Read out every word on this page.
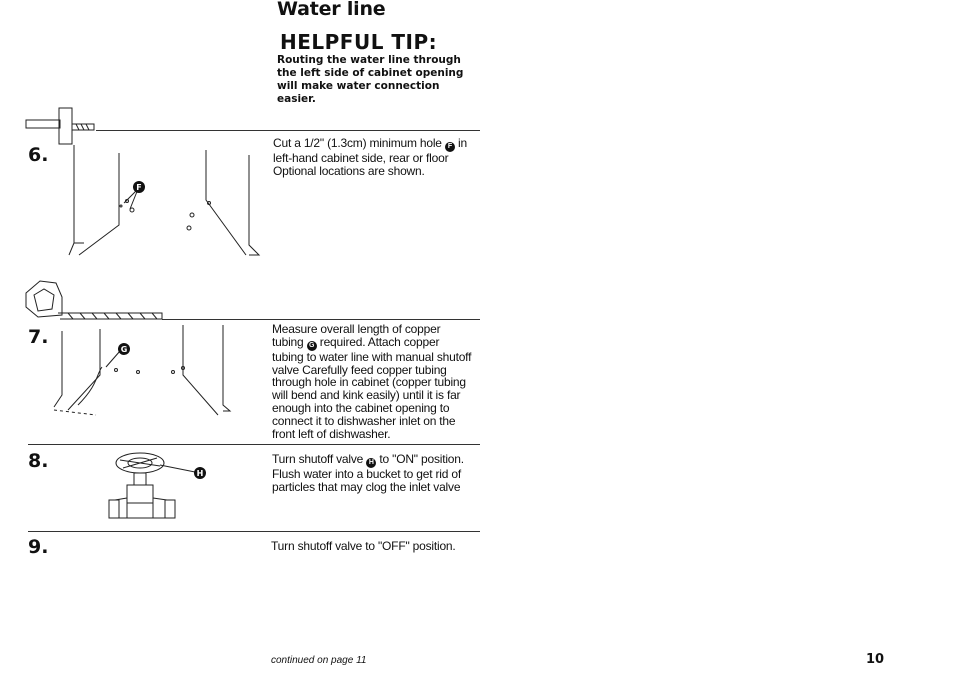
Water line
HELPFUL TIP:
Routing the water line through the left side of cabinet opening will make water connection easier.
6.
F
Cut a 1/2" (1.3cm) minimum hole F in left-hand cabinet side, rear or floor Optional locations are shown.
7.
G
Measure overall length of copper tubing G required. Attach copper tubing to water line with manual shutoff valve Carefully feed copper tubing through hole in cabinet (copper tubing will bend and kink easily) until it is far enough into the cabinet opening to connect it to dishwasher inlet on the front left of dishwasher.
8.
H
Turn shutoff valve H to "ON" position. Flush water into a bucket to get rid of particles that may clog the inlet valve
9.	Turn shutoff valve to "OFF" position.
continued on page 11	10
